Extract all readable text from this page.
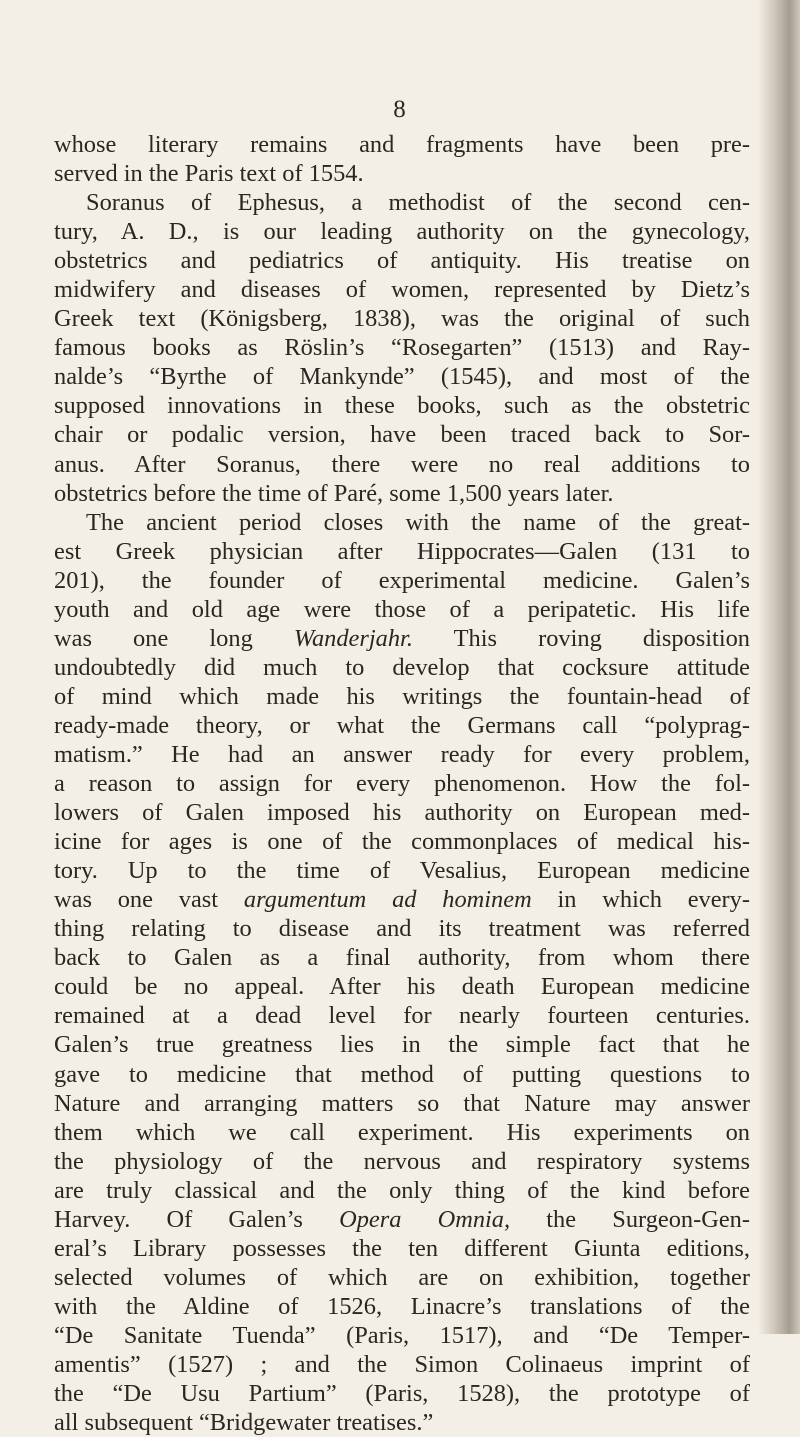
8
whose literary remains and fragments have been pre-
served in the Paris text of 1554.
Soranus of Ephesus, a methodist of the second cen-
tury, A. D., is our leading authority on the gynecology,
obstetrics and pediatrics of antiquity. His treatise on
midwifery and diseases of women, represented by Dietz’s
Greek text (Königsberg, 1838), was the original of such
famous books as Röslin’s “Rosegarten” (1513) and Ray-
nalde’s “Byrthe of Mankynde” (1545), and most of the
supposed innovations in these books, such as the obstetric
chair or podalic version, have been traced back to Sor-
anus. After Soranus, there were no real additions to
obstetrics before the time of Paré, some 1,500 years later.
The ancient period closes with the name of the great-
est Greek physician after Hippocrates—Galen (131 to
201), the founder of experimental medicine. Galen’s
youth and old age were those of a peripatetic. His life
was one long Wanderjahr. This roving disposition
undoubtedly did much to develop that cocksure attitude
of mind which made his writings the fountain-head of
ready-made theory, or what the Germans call “polyprag-
matism.” He had an answer ready for every problem,
a reason to assign for every phenomenon. How the fol-
lowers of Galen imposed his authority on European med-
icine for ages is one of the commonplaces of medical his-
tory. Up to the time of Vesalius, European medicine
was one vast argumentum ad hominem in which every-
thing relating to disease and its treatment was referred
back to Galen as a final authority, from whom there
could be no appeal. After his death European medicine
remained at a dead level for nearly fourteen centuries.
Galen’s true greatness lies in the simple fact that he
gave to medicine that method of putting questions to
Nature and arranging matters so that Nature may answer
them which we call experiment. His experiments on
the physiology of the nervous and respiratory systems
are truly classical and the only thing of the kind before
Harvey. Of Galen’s Opera Omnia, the Surgeon-Gen-
eral’s Library possesses the ten different Giunta editions,
selected volumes of which are on exhibition, together
with the Aldine of 1526, Linacre’s translations of the
“De Sanitate Tuenda” (Paris, 1517), and “De Temper-
amentis” (1527) ; and the Simon Colinaeus imprint of
the “De Usu Partium” (Paris, 1528), the prototype of
all subsequent “Bridgewater treatises.”
